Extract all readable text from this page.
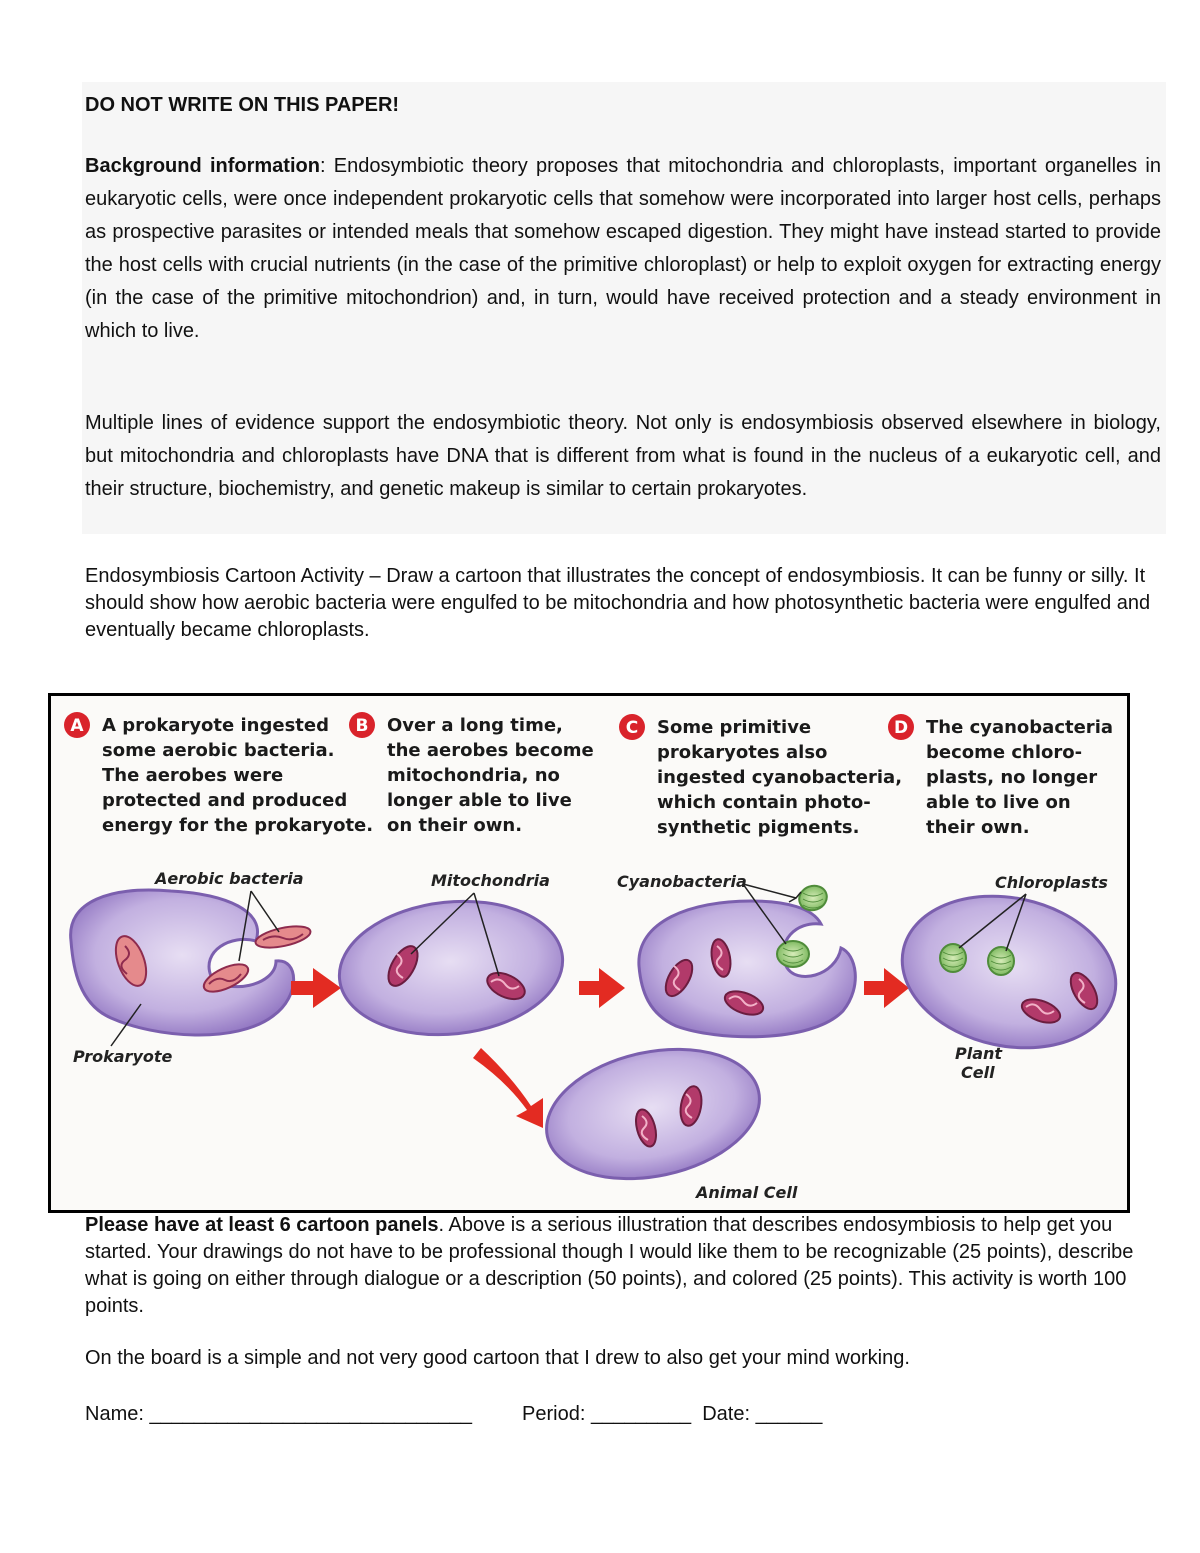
DO NOT WRITE ON THIS PAPER!
Background information: Endosymbiotic theory proposes that mitochondria and chloroplasts, important organelles in eukaryotic cells, were once independent prokaryotic cells that somehow were incorporated into larger host cells, perhaps as prospective parasites or intended meals that somehow escaped digestion. They might have instead started to provide the host cells with crucial nutrients (in the case of the primitive chloroplast) or help to exploit oxygen for extracting energy (in the case of the primitive mitochondrion) and, in turn, would have received protection and a steady environment in which to live.
Multiple lines of evidence support the endosymbiotic theory. Not only is endosymbiosis observed elsewhere in biology, but mitochondria and chloroplasts have DNA that is different from what is found in the nucleus of a eukaryotic cell, and their structure, biochemistry, and genetic makeup is similar to certain prokaryotes.
Endosymbiosis Cartoon Activity – Draw a cartoon that illustrates the concept of endosymbiosis. It can be funny or silly. It should show how aerobic bacteria were engulfed to be mitochondria and how photosynthetic bacteria were engulfed and eventually became chloroplasts.
A A prokaryote ingested
some aerobic bacteria.
The aerobes were
protected and produced
energy for the prokaryote.
B Over a long time,
the aerobes become
mitochondria, no
longer able to live
on their own.
C Some primitive
prokaryotes also
ingested cyanobacteria,
which contain photo-
synthetic pigments.
D The cyanobacteria
become chloro-
plasts, no longer
able to live on
their own.
Aerobic bacteria
Prokaryote
Mitochondria	Cyanobacteria	Chloroplasts
Plant
Cell
Animal Cell
Please have at least 6 cartoon panels. Above is a serious illustration that describes endosymbiosis to help get you started. Your drawings do not have to be professional though I would like them to be recognizable (25 points), describe what is going on either through dialogue or a description (50 points), and colored (25 points). This activity is worth 100 points.
On the board is a simple and not very good cartoon that I drew to also get your mind working.
Name: _____________________________	Period: _________ Date: ______
